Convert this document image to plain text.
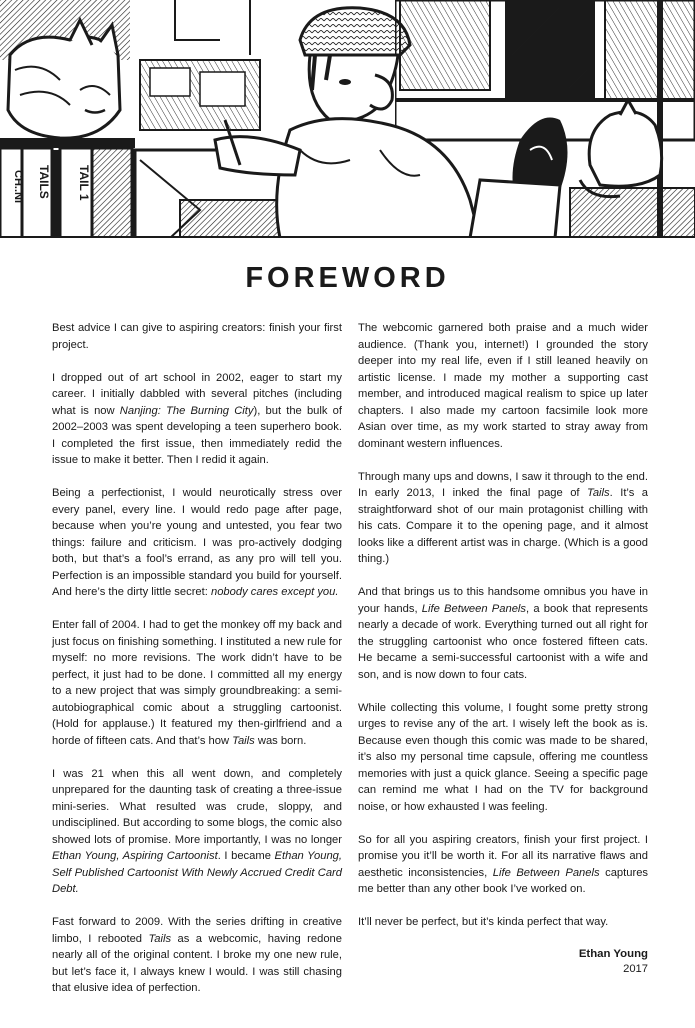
CH..NI TAILS TAIL 1
FOREWORD

Best advice I can give to aspiring creators: finish your first project.

I dropped out of art school in 2002, eager to start my career. I initially dabbled with several pitches (including what is now Nanjing: The Burning City), but the bulk of 2002–2003 was spent developing a teen superhero book. I completed the first issue, then immediately redid the issue to make it better. Then I redid it again.

Being a perfectionist, I would neurotically stress over every panel, every line. I would redo page after page, because when you’re young and untested, you fear two things: failure and criticism. I was pro-actively dodging both, but that’s a fool’s errand, as any pro will tell you. Perfection is an impossible standard you build for yourself. And here’s the dirty little secret: nobody cares except you.

Enter fall of 2004. I had to get the monkey off my back and just focus on finishing something. I instituted a new rule for myself: no more revisions. The work didn’t have to be perfect, it just had to be done. I committed all my energy to a new project that was simply groundbreaking: a semi-autobiographical comic about a struggling cartoonist. (Hold for applause.) It featured my then-girlfriend and a horde of fifteen cats. And that’s how Tails was born.

I was 21 when this all went down, and completely unprepared for the daunting task of creating a three-issue mini-series. What resulted was crude, sloppy, and undisciplined. But according to some blogs, the comic also showed lots of promise. More importantly, I was no longer Ethan Young, Aspiring Cartoonist. I became Ethan Young, Self Published Cartoonist With Newly Accrued Credit Card Debt.

Fast forward to 2009. With the series drifting in creative limbo, I rebooted Tails as a webcomic, having redone nearly all of the original content. I broke my one new rule, but let’s face it, I always knew I would. I was still chasing that elusive idea of perfection.

The webcomic garnered both praise and a much wider audience. (Thank you, internet!) I grounded the story deeper into my real life, even if I still leaned heavily on artistic license. I made my mother a supporting cast member, and introduced magical realism to spice up later chapters. I also made my cartoon facsimile look more Asian over time, as my work started to stray away from dominant western influences.

Through many ups and downs, I saw it through to the end. In early 2013, I inked the final page of Tails. It’s a straightforward shot of our main protagonist chilling with his cats. Compare it to the opening page, and it almost looks like a different artist was in charge. (Which is a good thing.)

And that brings us to this handsome omnibus you have in your hands, Life Between Panels, a book that represents nearly a decade of work. Everything turned out all right for the struggling cartoonist who once fostered fifteen cats. He became a semi-successful cartoonist with a wife and son, and is now down to four cats.

While collecting this volume, I fought some pretty strong urges to revise any of the art. I wisely left the book as is. Because even though this comic was made to be shared, it’s also my personal time capsule, offering me countless memories with just a quick glance. Seeing a specific page can remind me what I had on the TV for background noise, or how exhausted I was feeling.

So for all you aspiring creators, finish your first project. I promise you it’ll be worth it. For all its narrative flaws and aesthetic inconsistencies, Life Between Panels captures me better than any other book I’ve worked on.

It’ll never be perfect, but it’s kinda perfect that way.

Ethan Young
2017
